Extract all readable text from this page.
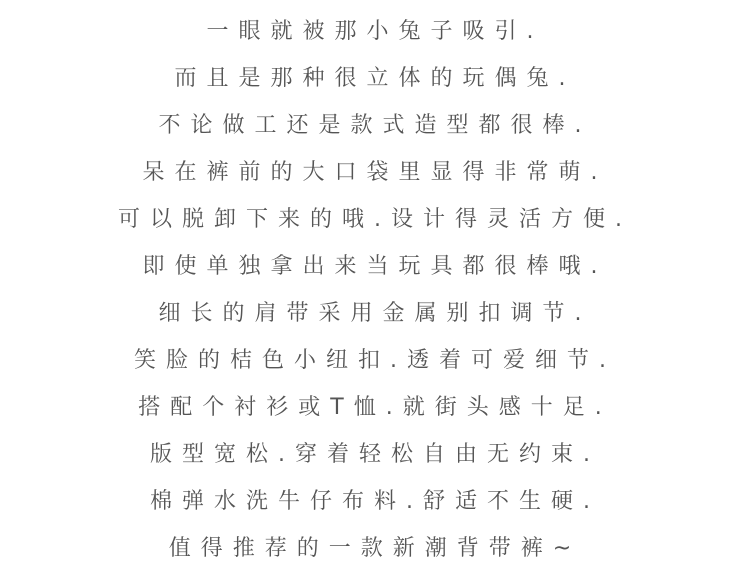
一眼就被那小兔子吸引.
而且是那种很立体的玩偶兔.
不论做工还是款式造型都很棒.
呆在裤前的大口袋里显得非常萌.
可以脱卸下来的哦.设计得灵活方便.
即使单独拿出来当玩具都很棒哦.
细长的肩带采用金属别扣调节.
笑脸的桔色小纽扣.透着可爱细节.
搭配个衬衫或T恤.就街头感十足.
版型宽松.穿着轻松自由无约束.
棉弹水洗牛仔布料.舒适不生硬.
值得推荐的一款新潮背带裤~
